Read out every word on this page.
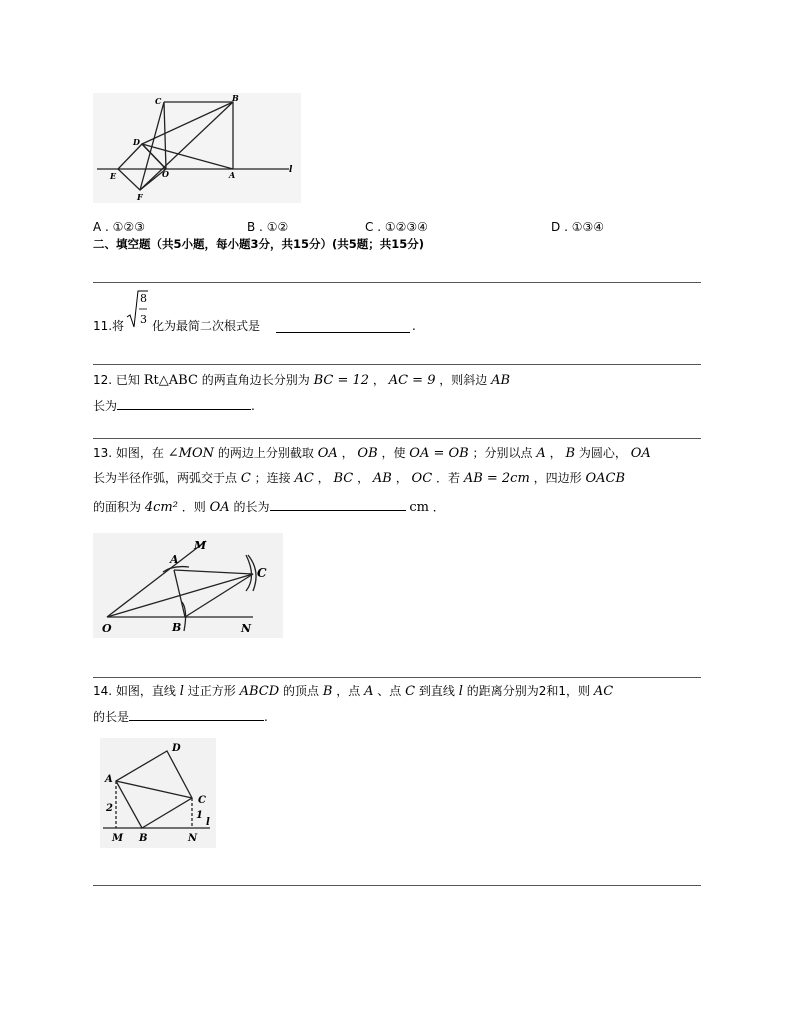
C	B
D
E	O	A
F
l
A . ①②③	B . ①②	C . ①②③④	D . ①③④
二、填空题（共5小题，每小题3分，共15分）(共5题；共15分)
11. 将
8
3 化为最简二次根式是	.
12. 已知 Rt△ABC 的两直角边长分别为 BC = 12 ， AC = 9 ，则斜边 AB
长为	.
13. 如图，在 ∠MON 的两边上分别截取 OA ， OB ，使 OA = OB ；分别以点 A ， B 为圆心， OA
长为半径作弧，两弧交于点 C ；连接 AC ， BC ， AB ， OC ．若 AB = 2cm ，四边形 OACB
的面积为 4cm² ．则 OA 的长为	cm ．
M
A
C
O	B	N
14. 如图，直线 l 过正方形 ABCD 的顶点 B ，点 A 、点 C 到直线 l 的距离分别为2和1，则 AC
的长是	.
D
A
C
2
1
l
M B	N
